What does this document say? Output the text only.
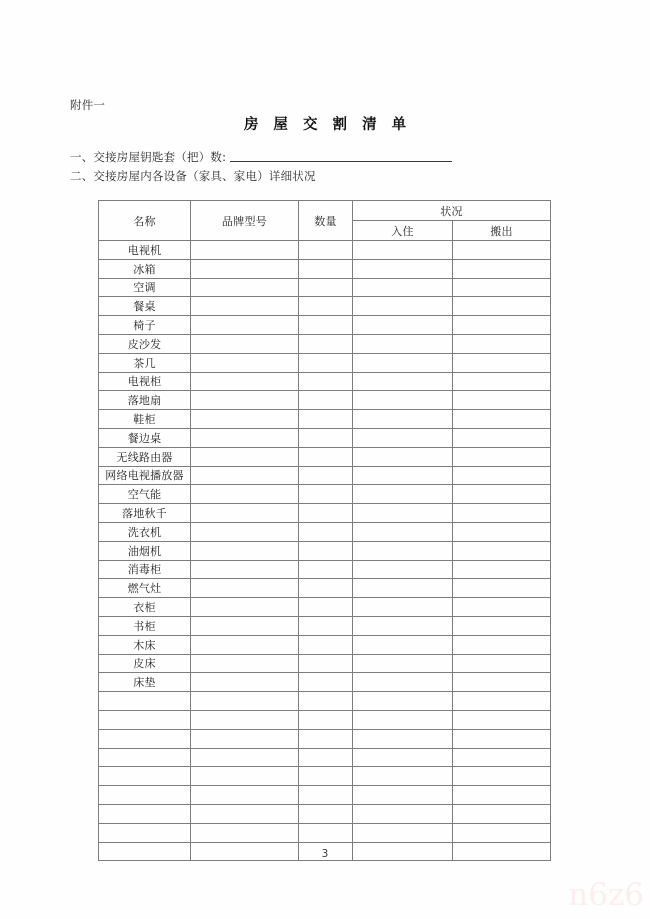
附件一
房 屋 交 割 清 单
一、交接房屋钥匙套（把）数:
二、交接房屋内各设备（家具、家电）详细状况
名称	品牌型号	数量	状况	
			入住	搬出
电视机				
冰箱				
空调				
餐桌				
椅子				
皮沙发				
茶几				
电视柜				
落地扇				
鞋柜				
餐边桌				
无线路由器				
网络电视播放器				
空气能				
落地秋千				
洗衣机				
油烟机				
消毒柜				
燃气灶				
衣柜				
书柜				
木床				
皮床				
床垫				

3
n6z6
